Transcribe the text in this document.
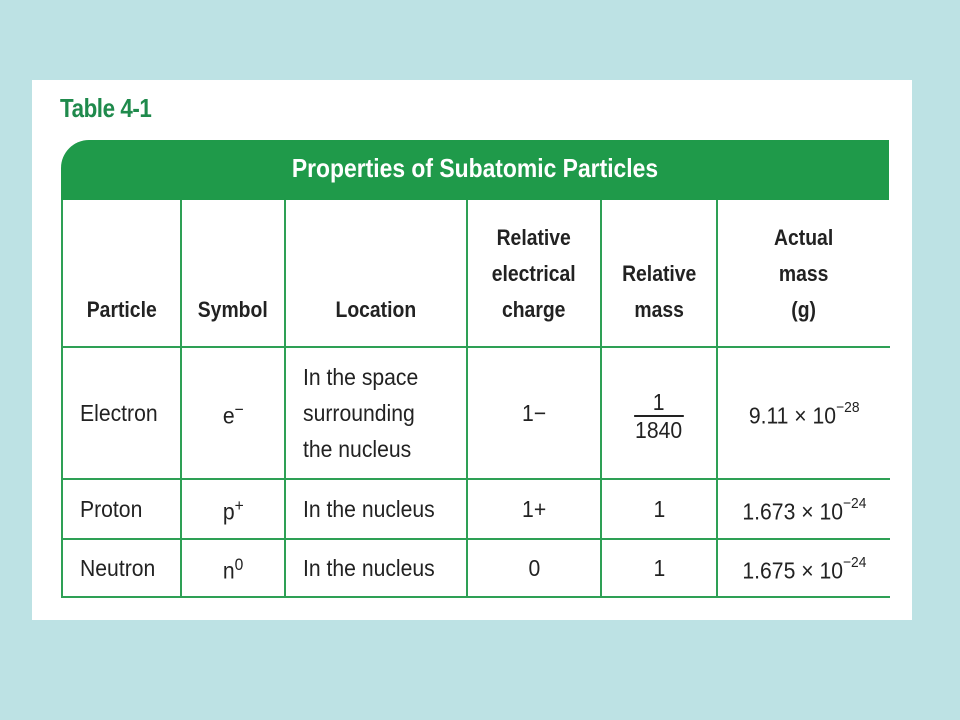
Table 4-1
Properties of Subatomic Particles
Particle	Symbol	Location	Relative
electrical
charge	Relative
mass	Actual
mass
(g)
Electron	e−	In the space
surrounding
the nucleus	1−	$\frac{1}{1840}$	$9.11 \times 10^{-28}$
Proton	p+	In the nucleus	1+	1	$1.673 \times 10^{-24}$
Neutron	$n^0$	In the nucleus	0	1	$1.675 \times 10^{-24}$
